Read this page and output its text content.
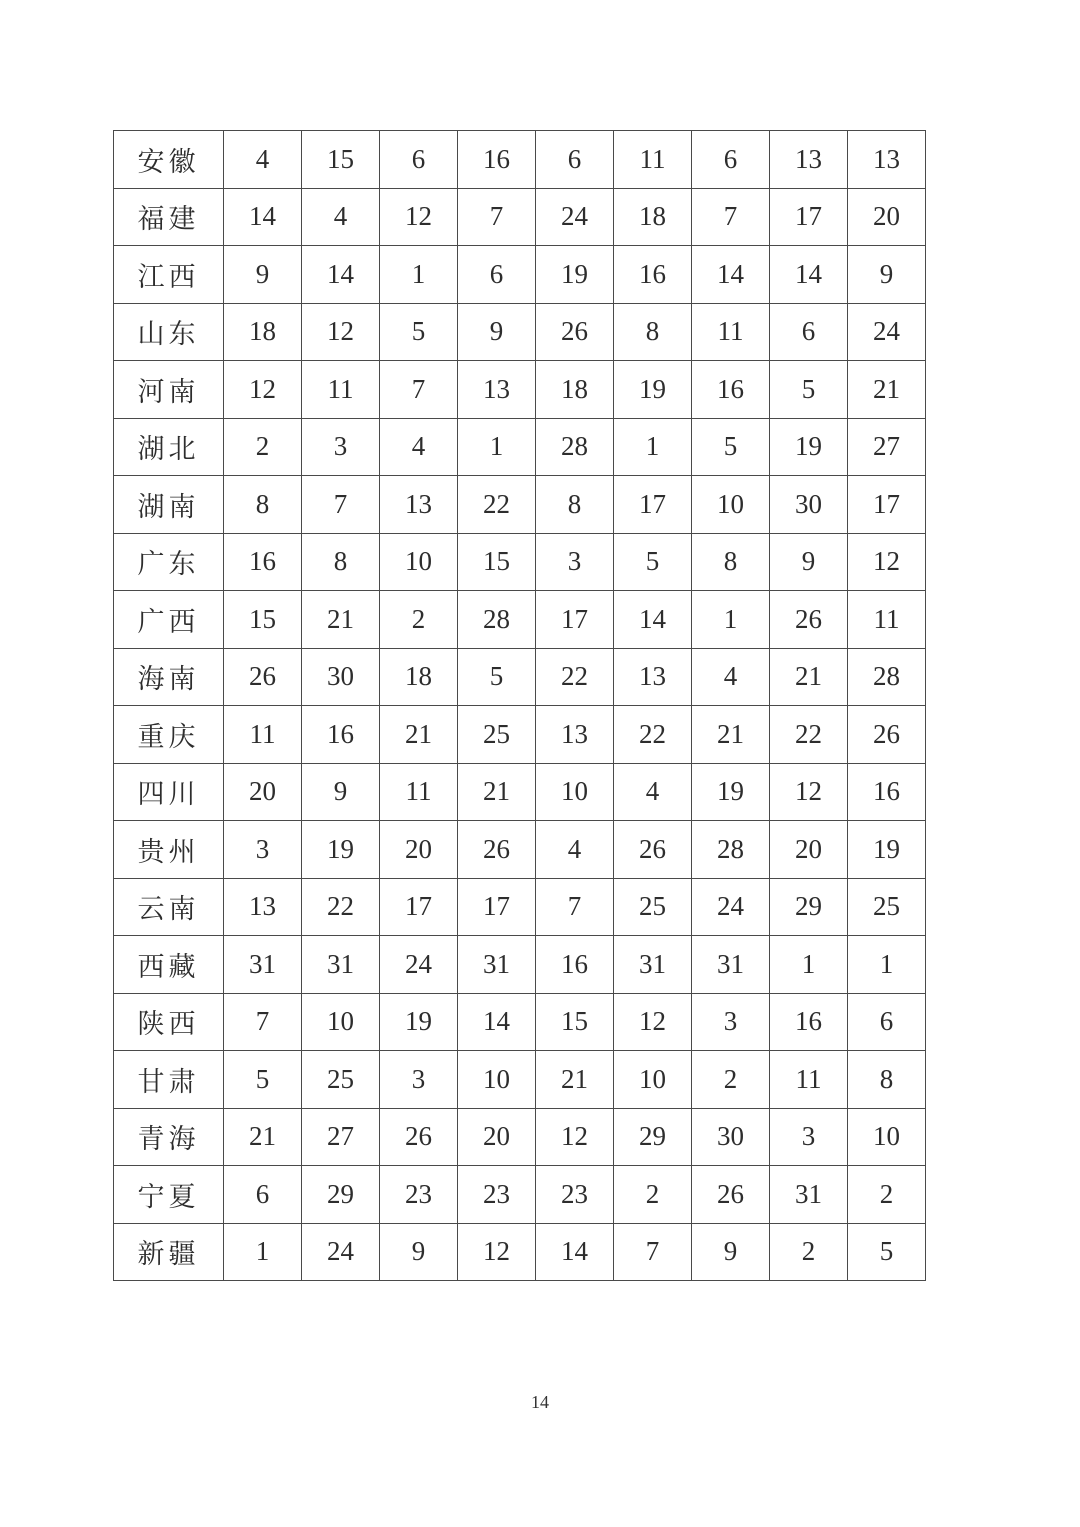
安徽	4	15	6	16	6	11	6	13	13
福建	14	4	12	7	24	18	7	17	20
江西	9	14	1	6	19	16	14	14	9
山东	18	12	5	9	26	8	11	6	24
河南	12	11	7	13	18	19	16	5	21
湖北	2	3	4	1	28	1	5	19	27
湖南	8	7	13	22	8	17	10	30	17
广东	16	8	10	15	3	5	8	9	12
广西	15	21	2	28	17	14	1	26	11
海南	26	30	18	5	22	13	4	21	28
重庆	11	16	21	25	13	22	21	22	26
四川	20	9	11	21	10	4	19	12	16
贵州	3	19	20	26	4	26	28	20	19
云南	13	22	17	17	7	25	24	29	25
西藏	31	31	24	31	16	31	31	1	1
陕西	7	10	19	14	15	12	3	16	6
甘肃	5	25	3	10	21	10	2	11	8
青海	21	27	26	20	12	29	30	3	10
宁夏	6	29	23	23	23	2	26	31	2
新疆	1	24	9	12	14	7	9	2	5
14
